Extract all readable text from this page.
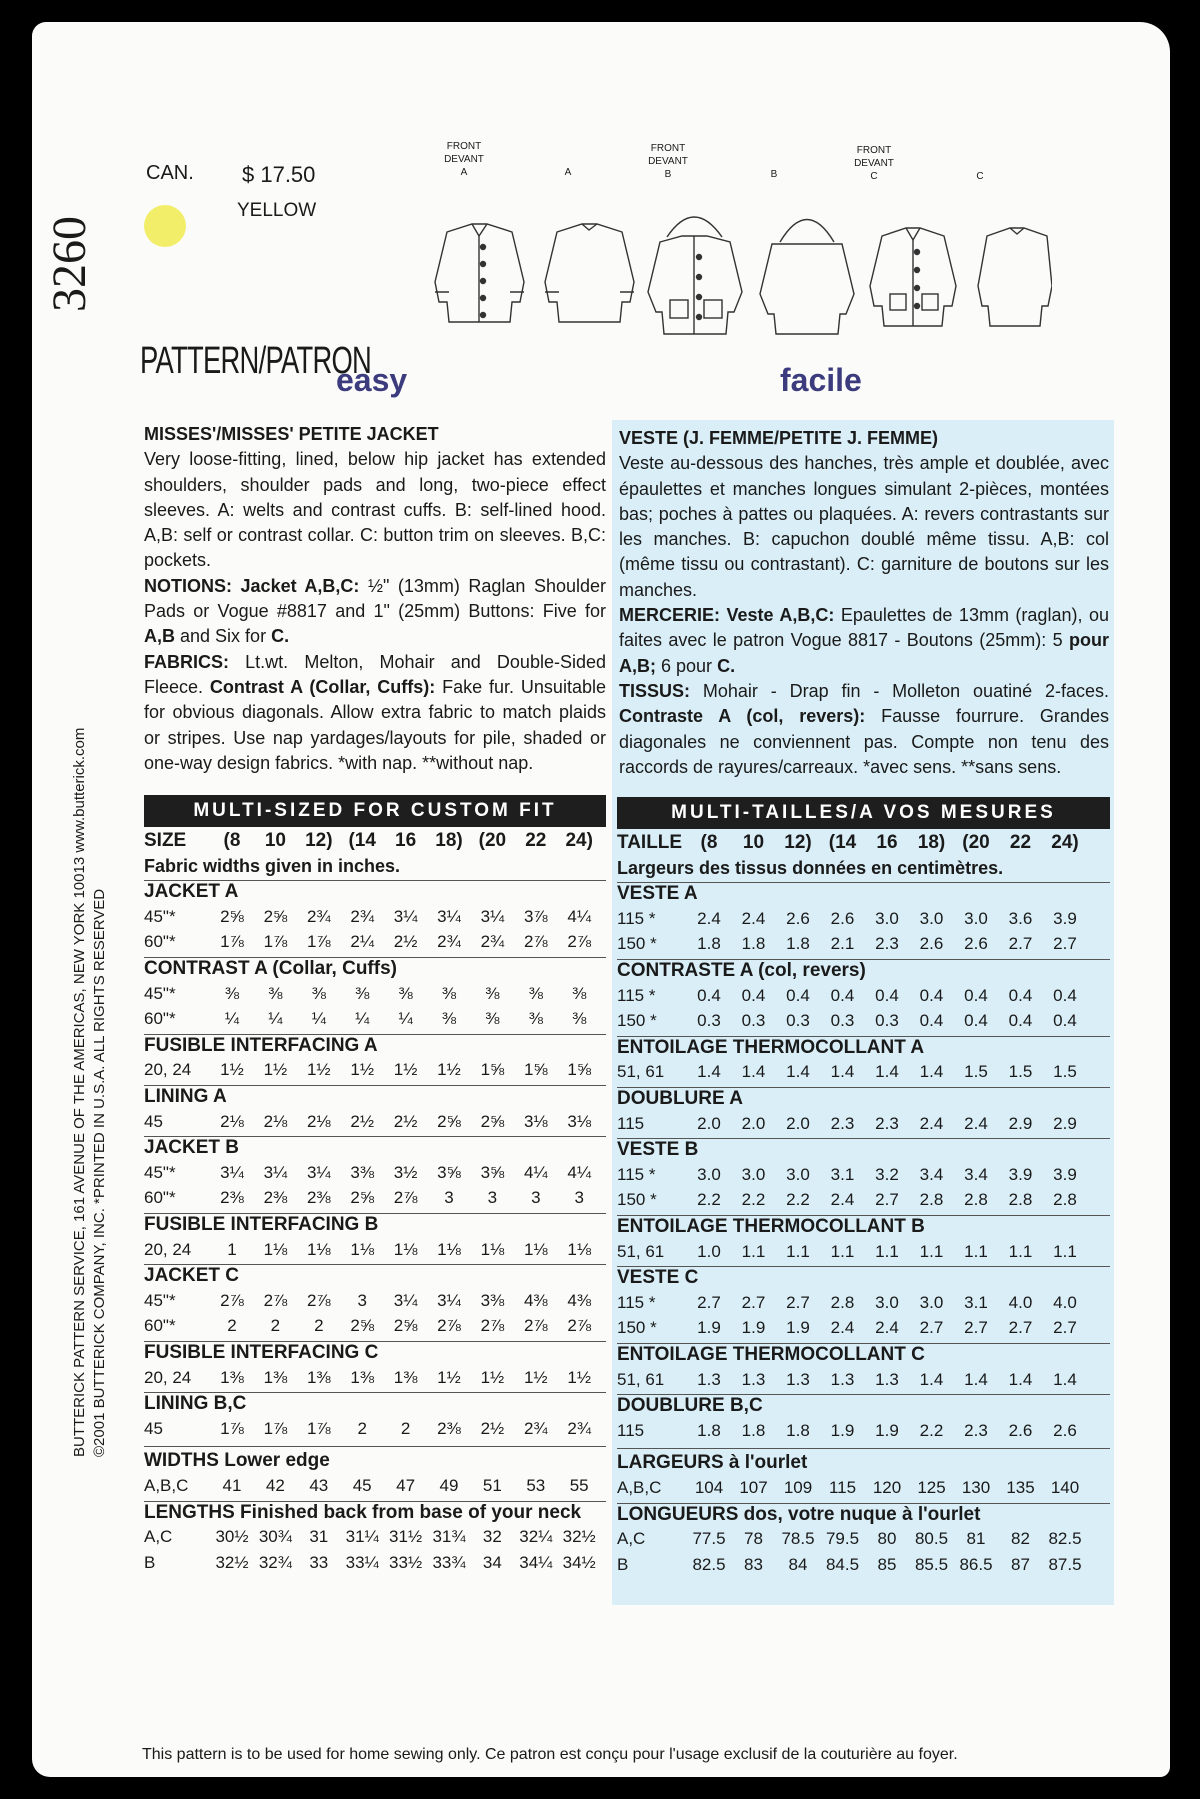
3260
BUTTERICK PATTERN SERVICE, 161 AVENUE OF THE AMERICAS, NEW YORK 10013 www.butterick.com ©2001 BUTTERICK COMPANY, INC. *PRINTED IN U.S.A. ALL RIGHTS RESERVED
CAN. $ 17.50
YELLOW
FRONT
DEVANT
A	A
FRONT
DEVANT
B	B
FRONT
DEVANT
C	C
PATTERN/PATRON
easy	facile
MISSES'/MISSES' PETITE JACKET
Very loose-fitting, lined, below hip jacket has extended shoulders, shoulder pads and long, two-piece effect sleeves. A: welts and contrast cuffs. B: self-lined hood. A,B: self or contrast collar. C: button trim on sleeves. B,C: pockets.
NOTIONS: Jacket A,B,C: ½" (13mm) Raglan Shoulder Pads or Vogue #8817 and 1" (25mm) Buttons: Five for A,B and Six for C.
FABRICS: Lt.wt. Melton, Mohair and Double-Sided Fleece. Contrast A (Collar, Cuffs): Fake fur. Unsuitable for obvious diagonals. Allow extra fabric to match plaids or stripes. Use nap yardages/layouts for pile, shaded or one-way design fabrics. *with nap. **without nap.
VESTE (J. FEMME/PETITE J. FEMME)
Veste au-dessous des hanches, très ample et doublée, avec épaulettes et manches longues simulant 2-pièces, montées bas; poches à pattes ou plaquées. A: revers contrastants sur les manches. B: capuchon doublé même tissu. A,B: col (même tissu ou contrastant). C: garniture de boutons sur les manches.
MERCERIE: Veste A,B,C: Epaulettes de 13mm (raglan), ou faites avec le patron Vogue 8817 - Boutons (25mm): 5 pour A,B; 6 pour C.
TISSUS: Mohair - Drap fin - Molleton ouatiné 2-faces. Contraste A (col, revers): Fausse fourrure. Grandes diagonales ne conviennent pas. Compte non tenu des raccords de rayures/carreaux. *avec sens. **sans sens.
MULTI-SIZED FOR CUSTOM FIT	MULTI-TAILLES/A VOS MESURES
SIZE	(8	10	12) (14	16	18) (20	22	24)
Fabric widths given in inches.
JACKET A
45"*	2⅝	2⅝	2¾	2¾	3¼	3¼	3¼	3⅞	4¼
60"*	1⅞	1⅞	1⅞	2¼	2½	2¾	2¾	2⅞	2⅞
CONTRAST A (Collar, Cuffs)
45"*	⅜	⅜	⅜	⅜	⅜	⅜	⅜	⅜	⅜
60"*	¼	¼	¼	¼	¼	⅜	⅜	⅜	⅜
FUSIBLE INTERFACING A
20, 24	1½	1½	1½	1½	1½	1½	1⅝	1⅝	1⅝
LINING A
45	2⅛	2⅛	2⅛	2½	2½	2⅝	2⅝	3⅛	3⅛
JACKET B
45"*	3¼	3¼	3¼	3⅜	3½	3⅝	3⅝	4¼	4¼
60"*	2⅜	2⅜	2⅜	2⅝	2⅞	3	3	3	3
FUSIBLE INTERFACING B
20, 24	1	1⅛	1⅛	1⅛	1⅛	1⅛	1⅛	1⅛	1⅛
JACKET C
45"*	2⅞	2⅞	2⅞	3	3¼	3¼	3⅜	4⅜	4⅜
60"*	2	2	2	2⅝	2⅝	2⅞	2⅞	2⅞	2⅞
FUSIBLE INTERFACING C
20, 24	1⅜	1⅜	1⅜	1⅜	1⅜	1½	1½	1½	1½
LINING B,C
45	1⅞	1⅞	1⅞	2	2	2⅜	2½	2¾	2¾
WIDTHS Lower edge
A,B,C	41	42	43	45	47	49	51	53	55
LENGTHS Finished back from base of your neck
A,C	30½ 30¾	31	31¼ 31½ 31¾	32	32¼ 32½
B	32½ 32¾	33	33¼ 33½ 33¾	34	34¼ 34½
TAILLE (8	10	12) (14	16	18) (20	22	24)
Largeurs des tissus données en centimètres.
VESTE A
115 *	2.4	2.4	2.6	2.6	3.0	3.0	3.0	3.6	3.9
150 *	1.8	1.8	1.8	2.1	2.3	2.6	2.6	2.7	2.7
CONTRASTE A (col, revers)
115 *	0.4	0.4	0.4	0.4	0.4	0.4	0.4	0.4	0.4
150 *	0.3	0.3	0.3	0.3	0.3	0.4	0.4	0.4	0.4
ENTOILAGE THERMOCOLLANT A
51, 61	1.4	1.4	1.4	1.4	1.4	1.4	1.5	1.5	1.5
DOUBLURE A
115	2.0	2.0	2.0	2.3	2.3	2.4	2.4	2.9	2.9
VESTE B
115 *	3.0	3.0	3.0	3.1	3.2	3.4	3.4	3.9	3.9
150 *	2.2	2.2	2.2	2.4	2.7	2.8	2.8	2.8	2.8
ENTOILAGE THERMOCOLLANT B
51, 61	1.0	1.1	1.1	1.1	1.1	1.1	1.1	1.1	1.1
VESTE C
115 *	2.7	2.7	2.7	2.8	3.0	3.0	3.1	4.0	4.0
150 *	1.9	1.9	1.9	2.4	2.4	2.7	2.7	2.7	2.7
ENTOILAGE THERMOCOLLANT C
51, 61	1.3	1.3	1.3	1.3	1.3	1.4	1.4	1.4	1.4
DOUBLURE B,C
115	1.8	1.8	1.8	1.9	1.9	2.2	2.3	2.6	2.6
LARGEURS à l'ourlet
A,B,C	104 107 109 115 120 125 130 135 140
LONGUEURS dos, votre nuque à l'ourlet
A,C	77.5	78	78.5 79.5	80	80.5	81	82	82.5
B	82.5	83	84	84.5	85	85.5 86.5	87	87.5
This pattern is to be used for home sewing only. Ce patron est conçu pour l'usage exclusif de la couturière au foyer.
